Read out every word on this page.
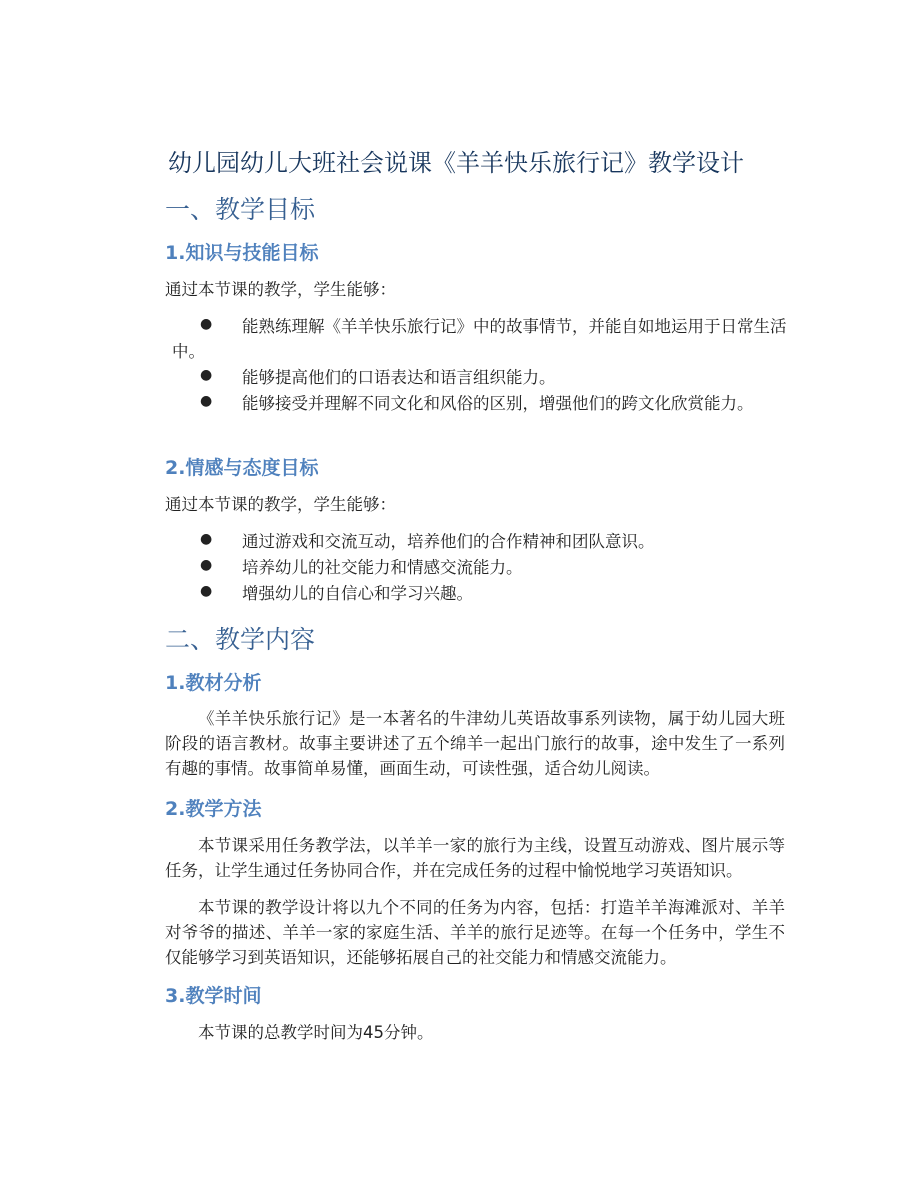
幼儿园幼儿大班社会说课《羊羊快乐旅行记》教学设计
一、教学目标
1.知识与技能目标
通过本节课的教学，学生能够：
●	能熟练理解《羊羊快乐旅行记》中的故事情节，并能自如地运用于日常生活中。
●	能够提高他们的口语表达和语言组织能力。
●	能够接受并理解不同文化和风俗的区别，增强他们的跨文化欣赏能力。
2.情感与态度目标
通过本节课的教学，学生能够：
●	通过游戏和交流互动，培养他们的合作精神和团队意识。
●	培养幼儿的社交能力和情感交流能力。
●	增强幼儿的自信心和学习兴趣。
二、教学内容
1.教材分析
《羊羊快乐旅行记》是一本著名的牛津幼儿英语故事系列读物，属于幼儿园大班阶段的语言教材。故事主要讲述了五个绵羊一起出门旅行的故事，途中发生了一系列有趣的事情。故事简单易懂，画面生动，可读性强，适合幼儿阅读。
2.教学方法
本节课采用任务教学法，以羊羊一家的旅行为主线，设置互动游戏、图片展示等任务，让学生通过任务协同合作，并在完成任务的过程中愉悦地学习英语知识。
本节课的教学设计将以九个不同的任务为内容，包括：打造羊羊海滩派对、羊羊对爷爷的描述、羊羊一家的家庭生活、羊羊的旅行足迹等。在每一个任务中，学生不仅能够学习到英语知识，还能够拓展自己的社交能力和情感交流能力。
3.教学时间
本节课的总教学时间为45分钟。
